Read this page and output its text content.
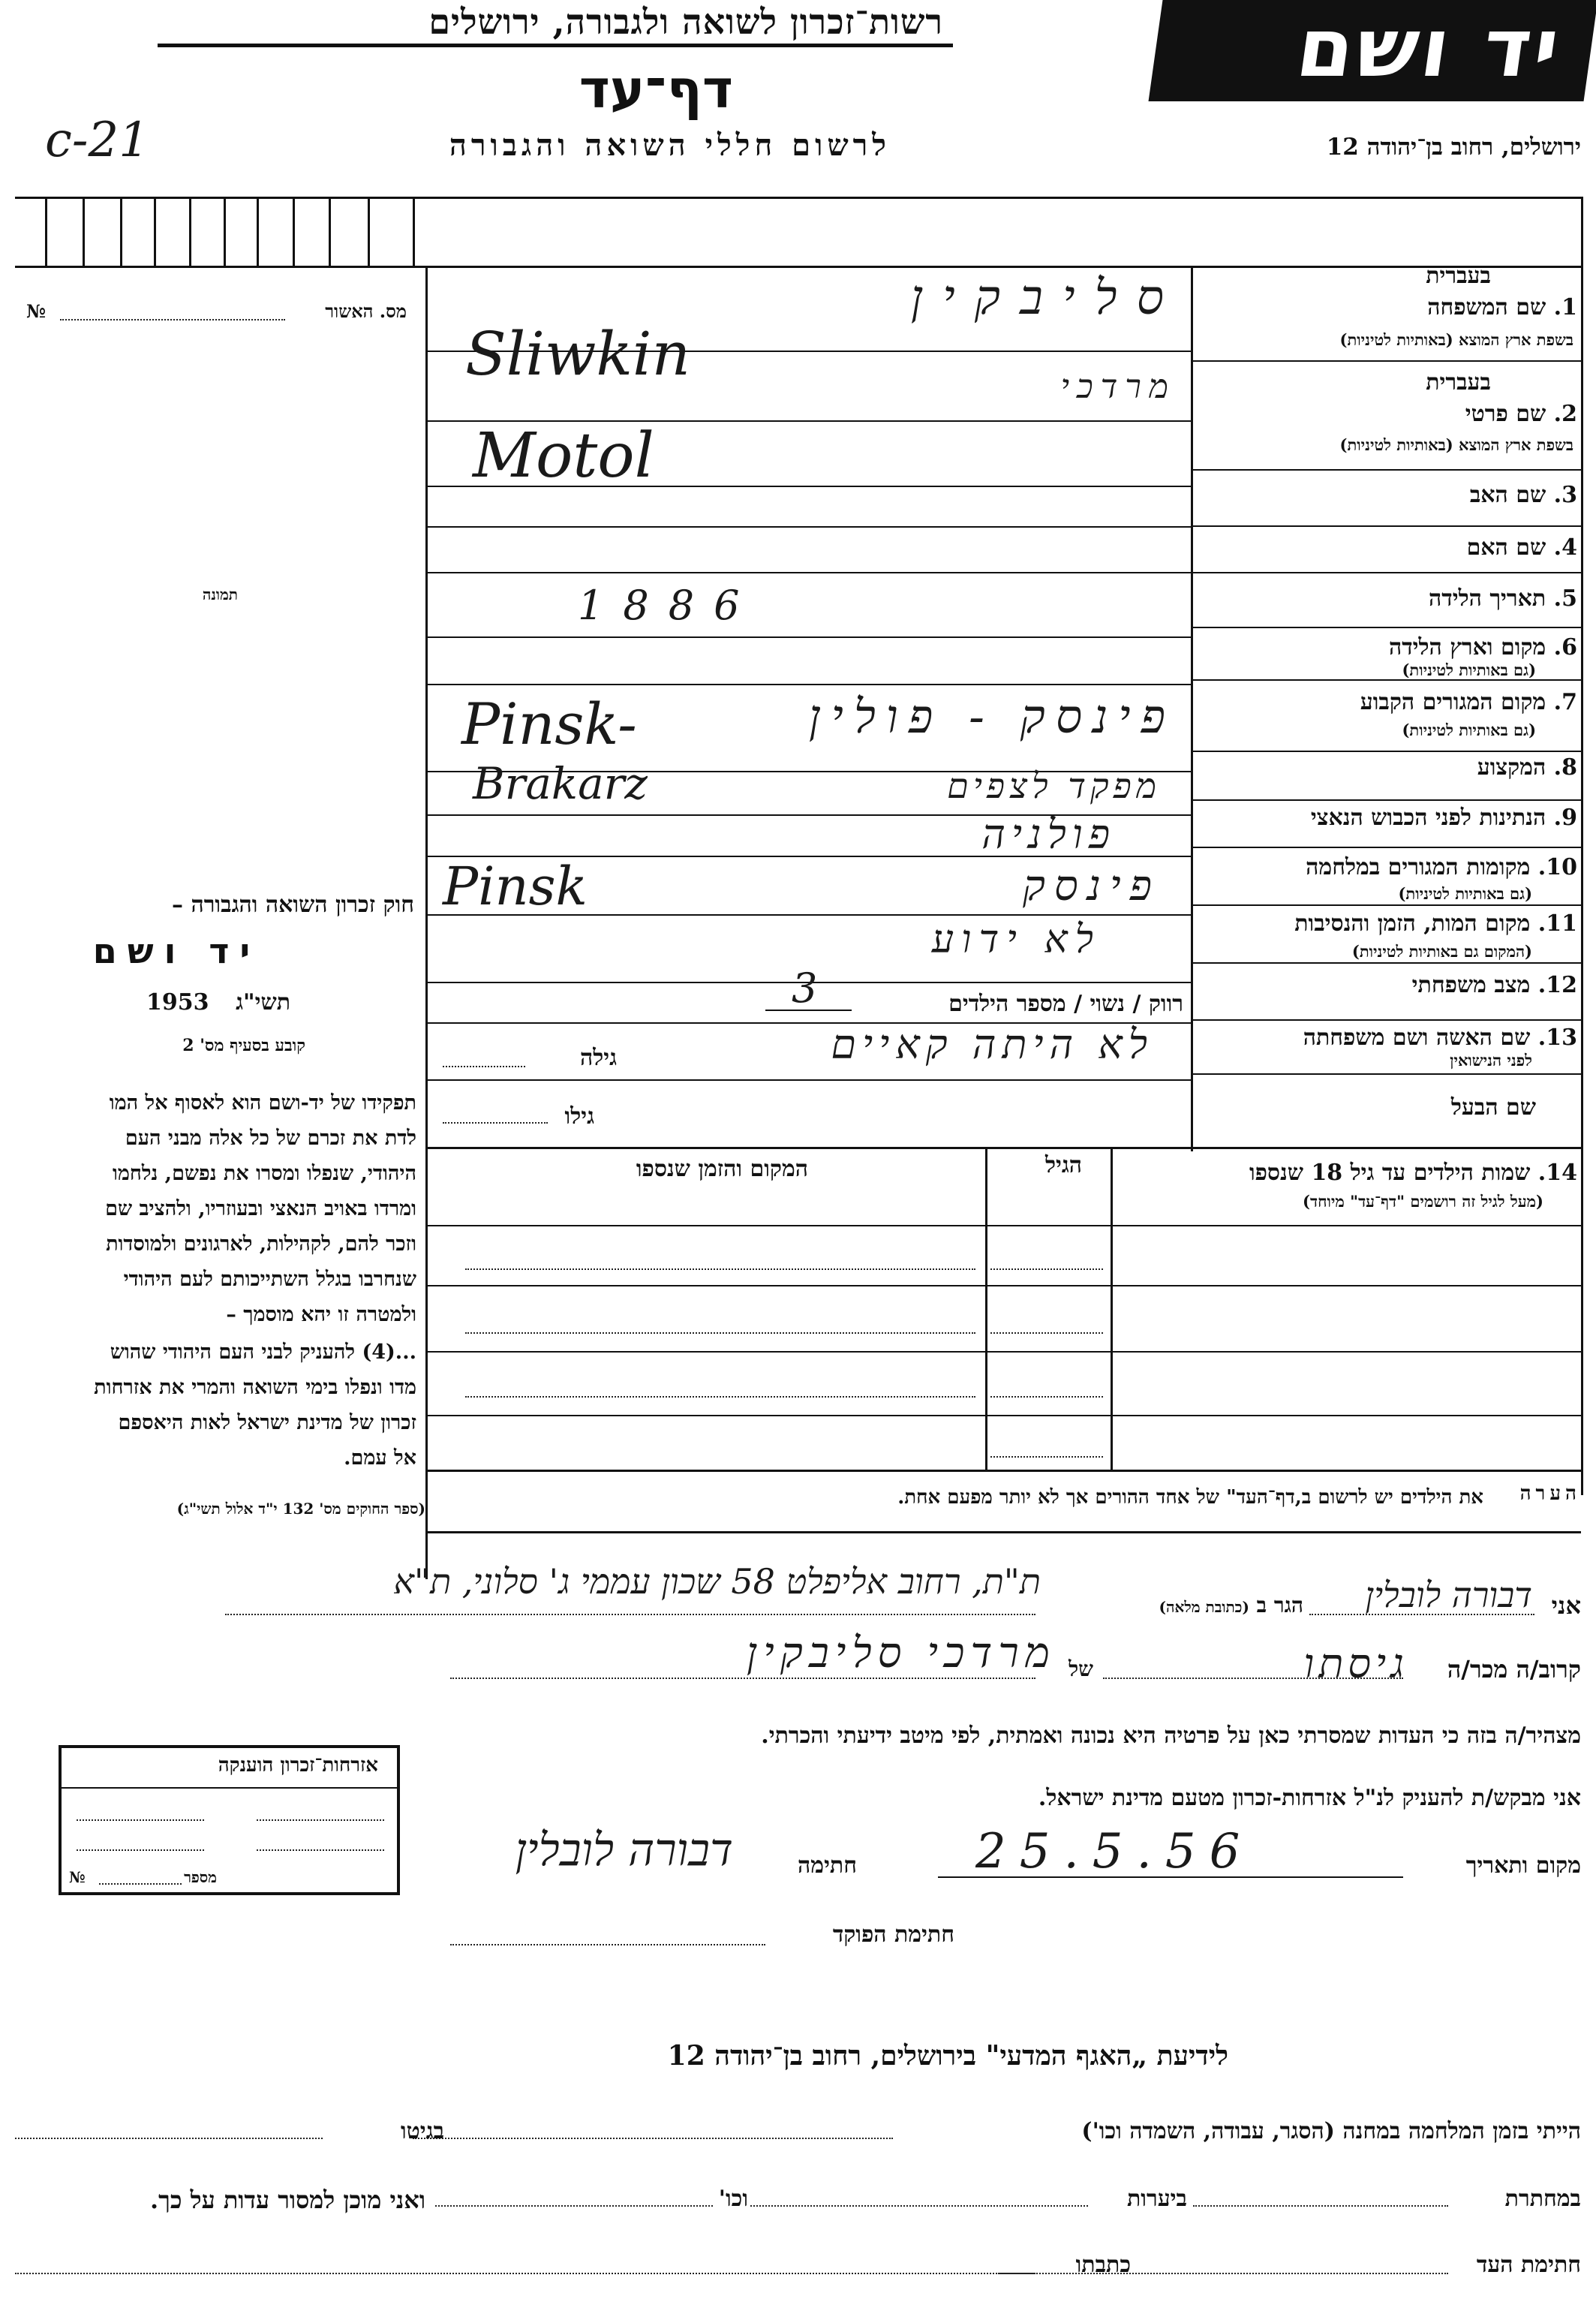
יד ושם
רשות־זכרון לשואה ולגבורה, ירושלים
דף־עד
לרשום חללי השואה והגבורה	ירושלים, רחוב בן־יהודה 12
c-21
מס. האשור
№
תמונה
חוק זכרון השואה והגבורה –
יד ושם
תשי"ג
1953
קובע בסעיף מס' 2
תפקידו של יד-ושם הוא לאסוף אל המו
לדת את זכרם של כל אלה מבני העם
היהודי, שנפלו ומסרו את נפשם, נלחמו
ומרדו באויב הנאצי ובעוזריו, ולהציב שם
וזכר להם, לקהילות, לארגונים ולמוסדות
שנחרבו בגלל השתייכותם לעם היהודי
ולמטרה זו יהא מוסמך –
...(4) להעניק לבני העם היהודי שהוש
מדו ונפלו בימי השואה והמרי את אזרחות
זכרון של מדינת ישראל לאות היאספם
אל עמם.
(ספר החוקים מס' 132 י"ד אלול תשי"ג)
אזרחות־זכרון הוענקה
מספר
№
בעברית
1. שם המשפחה
בשפת ארץ המוצא (באותיות לטיניות)
בעברית
2. שם פרטי
בשפת ארץ המוצא (באותיות לטיניות)
3. שם האב
4. שם האם
5. תאריך הלידה
6. מקום וארץ הלידה
(גם באותיות לטיניות)
7. מקום המגורים הקבוע
(גם באותיות לטיניות)
8. המקצוע
9. הנתינות לפני הכבוש הנאצי
10. מקומות המגורים במלחמה
(גם באותיות לטיניות)
11. מקום המות, הזמן והנסיבות
(המקום גם באותיות לטיניות)
12. מצב משפחתי
13. שם האשה ושם משפחתה
לפני הנישואין
שם הבעל
14. שמות הילדים עד גיל 18 שנספו
(מעל לגיל זה רושמים "דף־עד" מיוחד)
הגיל
המקום והזמן שנספו
סליבקין
Sliwkin	מרדכי
Motol
1886
פינסק - פולין
Pinsk-
מפקד לצפים
Brakarz
פולניה
פינסק
Pinsk
לא ידוע
רווק / נשוי / מספר הילדים
3
לא היתה קאיים
גילה
גילו
הערה
את הילדים יש לרשום ב,דף־העד" של אחד ההורים אך לא יותר מפעם אחת.
אני
דבורה לובלין
הגר ב (כתובת מלאה)
ת"ת, רחוב אליפלט 58 שכון עממי ג' סלוני, ת"א
קרוב/ה מכר/ה
גיסתו
של
מרדכי סליבקין
מצהיר/ה בזה כי העדות שמסרתי כאן על פרטיה היא נכונה ואמתית, לפי מיטב ידיעתי והכרתי.
אני מבקש/ת להעניק לנ"ל אזרחות-זכרון מטעם מדינת ישראל.
מקום ותאריך
25.5.56
חתימה
דבורה לובלין
חתימת הפוקד
לידיעת „האגף המדעי" בירושלים, רחוב בן־יהודה 12
הייתי בזמן המלחמה במחנה (הסגר, עבודה, השמדה וכו')
בגיטו
במחתרת
ביערות
וכו'
ואני מוכן למסור עדות על כך.
חתימת העד
כתבתו
